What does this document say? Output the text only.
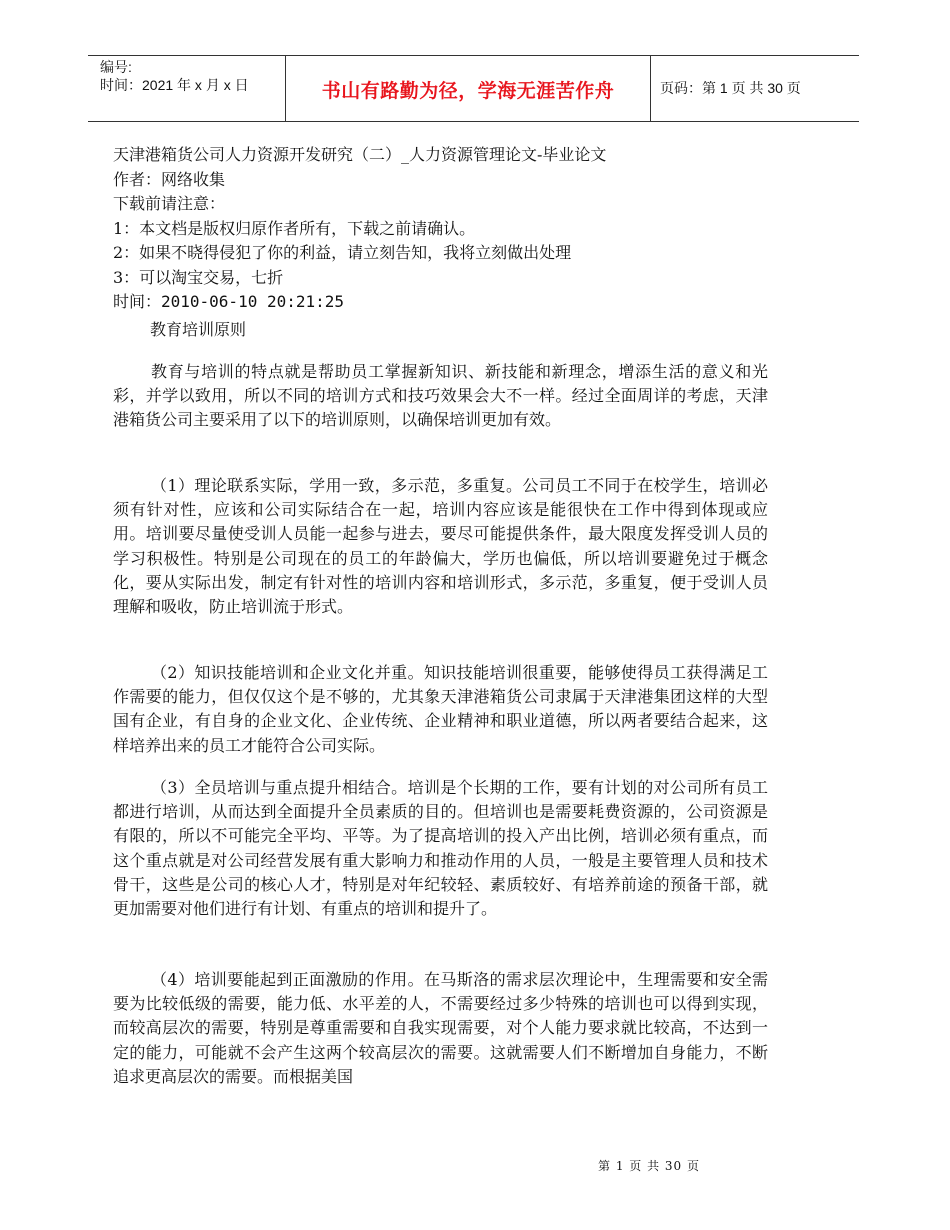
编号:
时间：2021 年 x 月 x 日	书山有路勤为径，学海无涯苦作舟	页码：第 1 页 共 30 页
天津港箱货公司人力资源开发研究（二）_人力资源管理论文-毕业论文
作者：网络收集
下载前请注意：
1：本文档是版权归原作者所有，下载之前请确认。
2：如果不晓得侵犯了你的利益，请立刻告知，我将立刻做出处理
3：可以淘宝交易，七折
时间：2010-06-10 20:21:25
教育培训原则

教育与培训的特点就是帮助员工掌握新知识、新技能和新理念，增添生活的意义和光彩，并学以致用，所以不同的培训方式和技巧效果会大不一样。经过全面周详的考虑，天津港箱货公司主要采用了以下的培训原则，以确保培训更加有效。

（1）理论联系实际，学用一致，多示范，多重复。公司员工不同于在校学生，培训必须有针对性，应该和公司实际结合在一起，培训内容应该是能很快在工作中得到体现或应用。培训要尽量使受训人员能一起参与进去，要尽可能提供条件，最大限度发挥受训人员的学习积极性。特别是公司现在的员工的年龄偏大，学历也偏低，所以培训要避免过于概念化，要从实际出发，制定有针对性的培训内容和培训形式，多示范，多重复，便于受训人员理解和吸收，防止培训流于形式。

（2）知识技能培训和企业文化并重。知识技能培训很重要，能够使得员工获得满足工作需要的能力，但仅仅这个是不够的，尤其象天津港箱货公司隶属于天津港集团这样的大型国有企业，有自身的企业文化、企业传统、企业精神和职业道德，所以两者要结合起来，这样培养出来的员工才能符合公司实际。

（3）全员培训与重点提升相结合。培训是个长期的工作，要有计划的对公司所有员工都进行培训，从而达到全面提升全员素质的目的。但培训也是需要耗费资源的，公司资源是有限的，所以不可能完全平均、平等。为了提高培训的投入产出比例，培训必须有重点，而这个重点就是对公司经营发展有重大影响力和推动作用的人员，一般是主要管理人员和技术骨干，这些是公司的核心人才，特别是对年纪较轻、素质较好、有培养前途的预备干部，就更加需要对他们进行有计划、有重点的培训和提升了。

（4）培训要能起到正面激励的作用。在马斯洛的需求层次理论中，生理需要和安全需要为比较低级的需要，能力低、水平差的人，不需要经过多少特殊的培训也可以得到实现，而较高层次的需要，特别是尊重需要和自我实现需要，对个人能力要求就比较高，不达到一定的能力，可能就不会产生这两个较高层次的需要。这就需要人们不断增加自身能力，不断追求更高层次的需要。而根据美国

第 1 页 共 30 页
